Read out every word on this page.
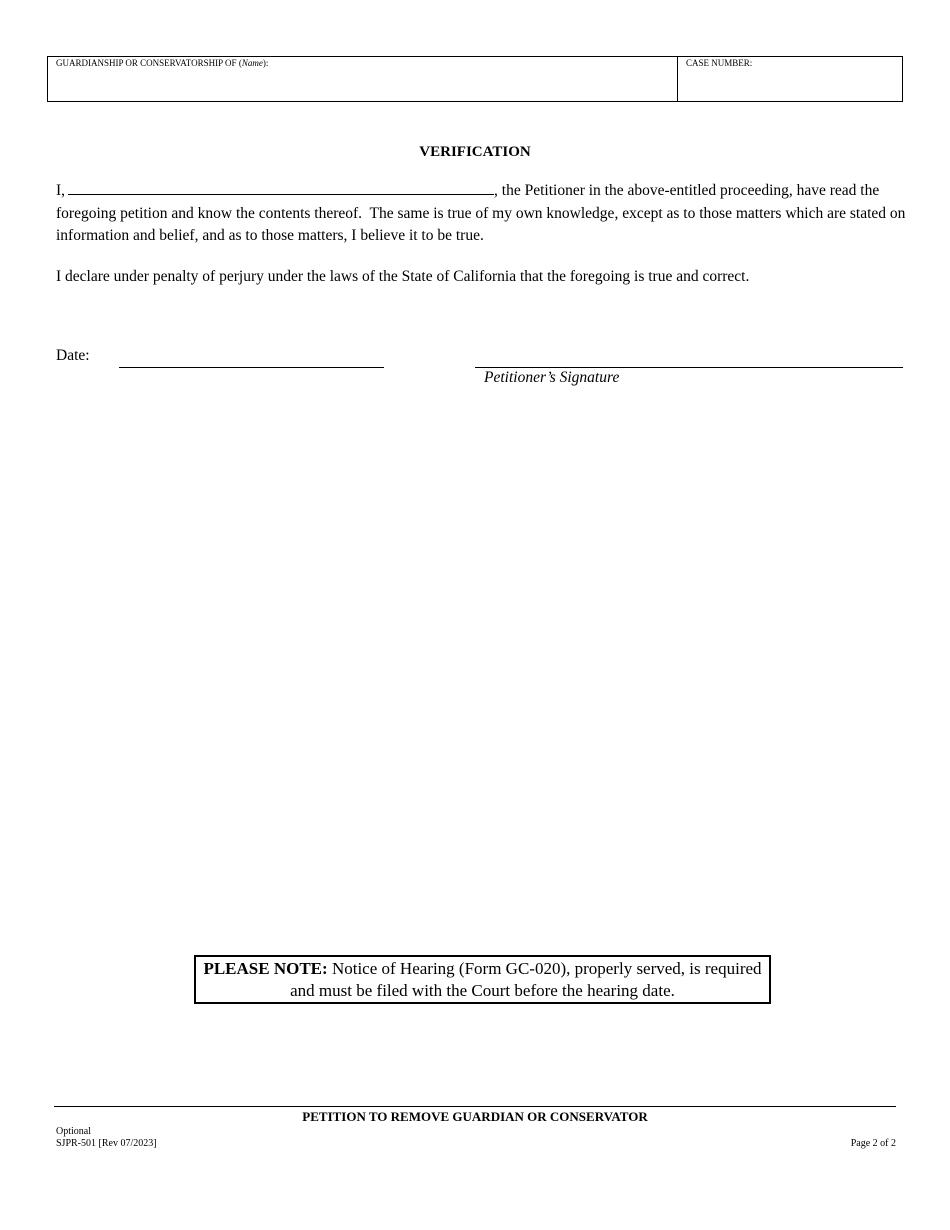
GUARDIANSHIP OR CONSERVATORSHIP OF (Name):	CASE NUMBER:
VERIFICATION
I,	, the Petitioner in the above-entitled proceeding, have read the foregoing petition and know the contents thereof.  The same is true of my own knowledge, except as to those matters which are stated on information and belief, and as to those matters, I believe it to be true.
I declare under penalty of perjury under the laws of the State of California that the foregoing is true and correct.
Date:
Petitioner’s Signature
PLEASE NOTE: Notice of Hearing (Form GC-020), properly served, is required and must be filed with the Court before the hearing date.
PETITION TO REMOVE GUARDIAN OR CONSERVATOR
Optional
SJPR-501 [Rev 07/2023]	Page 2 of 2
